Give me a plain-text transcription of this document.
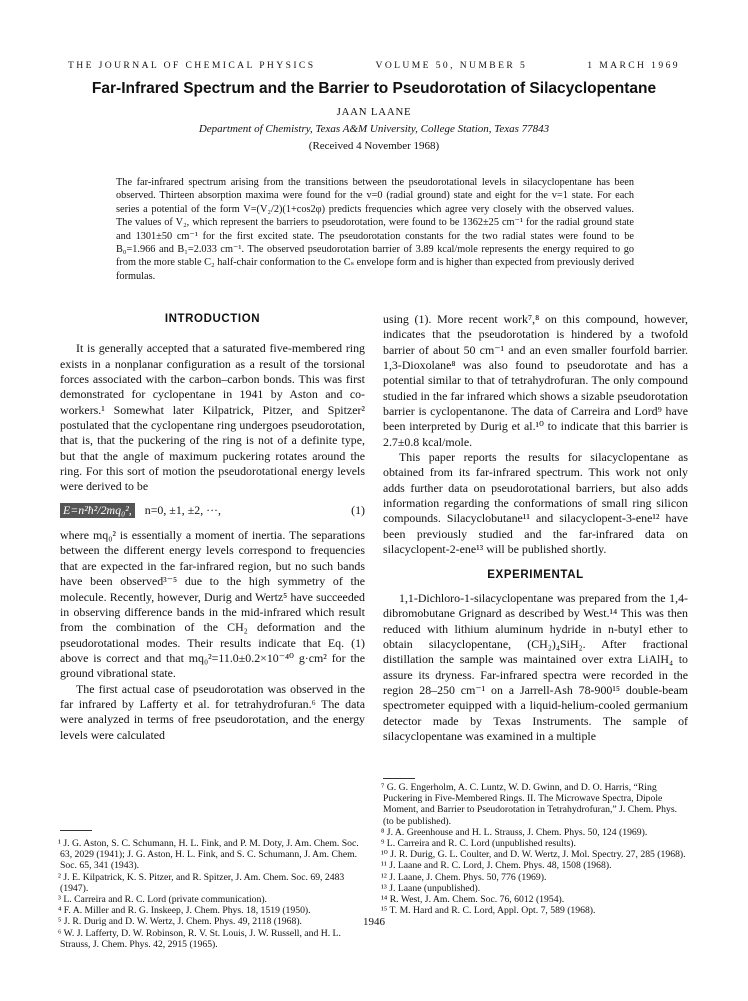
THE JOURNAL OF CHEMICAL PHYSICS	VOLUME 50, NUMBER 5	1 MARCH 1969
Far-Infrared Spectrum and the Barrier to Pseudorotation of Silacyclopentane
JAAN LAANE
Department of Chemistry, Texas A&M University, College Station, Texas 77843
(Received 4 November 1968)
The far-infrared spectrum arising from the transitions between the pseudorotational levels in silacyclopentane has been observed. Thirteen absorption maxima were found for the v=0 (radial ground) state and eight for the v=1 state. For each series a potential of the form V=(V₂/2)(1+cos2φ) predicts frequencies which agree very closely with the observed values. The values of V₂, which represent the barriers to pseudorotation, were found to be 1362±25 cm⁻¹ for the radial ground state and 1301±50 cm⁻¹ for the first excited state. The pseudorotation constants for the two radial states were found to be B₀=1.966 and B₁=2.033 cm⁻¹. The observed pseudorotation barrier of 3.89 kcal/mole represents the energy required to go from the more stable C₂ half-chair conformation to the Cₛ envelope form and is higher than expected from previously derived formulas.
INTRODUCTION

It is generally accepted that a saturated five-membered ring exists in a nonplanar configuration as a result of the torsional forces associated with the carbon–carbon bonds. This was first demonstrated for cyclopentane in 1941 by Aston and co-workers.¹ Somewhat later Kilpatrick, Pitzer, and Spitzer² postulated that the cyclopentane ring undergoes pseudorotation, that is, that the puckering of the ring is not of a definite type, but that the angle of maximum puckering rotates around the ring. For this sort of motion the pseudorotational energy levels were derived to be

E=n²ħ²/2mq₀²,	n=0, ±1, ±2, ···,	(1)

where mq₀² is essentially a moment of inertia. The separations between the different energy levels correspond to frequencies that are expected in the far-infrared region, but no such bands have been observed³⁻⁵ due to the high symmetry of the molecule. Recently, however, Durig and Wertz⁵ have succeeded in observing difference bands in the mid-infrared which result from the combination of the CH₂ deformation and the pseudorotational modes. Their results indicate that Eq. (1) above is correct and that mq₀²=11.0±0.2×10⁻⁴⁰ g·cm² for the ground vibrational state.

The first actual case of pseudorotation was observed in the far infrared by Lafferty et al. for tetrahydrofuran.⁶ The data were analyzed in terms of free pseudorotation, and the energy levels were calculated

using (1). More recent work⁷,⁸ on this compound, however, indicates that the pseudorotation is hindered by a twofold barrier of about 50 cm⁻¹ and an even smaller fourfold barrier. 1,3-Dioxolane⁸ was also found to pseudorotate and has a potential similar to that of tetrahydrofuran. The only compound studied in the far infrared which shows a sizable pseudorotation barrier is cyclopentanone. The data of Carreira and Lord⁹ have been interpreted by Durig et al.¹⁰ to indicate that this barrier is 2.7±0.8 kcal/mole.

This paper reports the results for silacyclopentane as obtained from its far-infrared spectrum. This work not only adds further data on pseudorotational barriers, but also adds information regarding the conformations of small ring silicon compounds. Silacyclobutane¹¹ and silacyclopent-3-ene¹² have been previously studied and the far-infrared data on silacyclopent-2-ene¹³ will be published shortly.

EXPERIMENTAL

1,1-Dichloro-1-silacyclopentane was prepared from the 1,4-dibromobutane Grignard as described by West.¹⁴ This was then reduced with lithium aluminum hydride in n-butyl ether to obtain silacyclopentane, (CH₂)₄SiH₂. After fractional distillation the sample was maintained over extra LiAlH₄ to assure its dryness. Far-infrared spectra were recorded in the region 28–250 cm⁻¹ on a Jarrell-Ash 78-900¹⁵ double-beam spectrometer equipped with a liquid-helium-cooled germanium detector made by Texas Instruments. The sample of silacyclopentane was examined in a multiple

¹ J. G. Aston, S. C. Schumann, H. L. Fink, and P. M. Doty, J. Am. Chem. Soc. 63, 2029 (1941); J. G. Aston, H. L. Fink, and S. C. Schumann, J. Am. Chem. Soc. 65, 341 (1943).
² J. E. Kilpatrick, K. S. Pitzer, and R. Spitzer, J. Am. Chem. Soc. 69, 2483 (1947).
³ L. Carreira and R. C. Lord (private communication).
⁴ F. A. Miller and R. G. Inskeep, J. Chem. Phys. 18, 1519 (1950).
⁵ J. R. Durig and D. W. Wertz, J. Chem. Phys. 49, 2118 (1968).
⁶ W. J. Lafferty, D. W. Robinson, R. V. St. Louis, J. W. Russell, and H. L. Strauss, J. Chem. Phys. 42, 2915 (1965).
⁷ G. G. Engerholm, A. C. Luntz, W. D. Gwinn, and D. O. Harris, “Ring Puckering in Five-Membered Rings. II. The Microwave Spectra, Dipole Moment, and Barrier to Pseudorotation in Tetrahydrofuran,” J. Chem. Phys. (to be published).
⁸ J. A. Greenhouse and H. L. Strauss, J. Chem. Phys. 50, 124 (1969).
⁹ L. Carreira and R. C. Lord (unpublished results).
¹⁰ J. R. Durig, G. L. Coulter, and D. W. Wertz, J. Mol. Spectry. 27, 285 (1968).
¹¹ J. Laane and R. C. Lord, J. Chem. Phys. 48, 1508 (1968).
¹² J. Laane, J. Chem. Phys. 50, 776 (1969).
¹³ J. Laane (unpublished).
¹⁴ R. West, J. Am. Chem. Soc. 76, 6012 (1954).
¹⁵ T. M. Hard and R. C. Lord, Appl. Opt. 7, 589 (1968).
1946
